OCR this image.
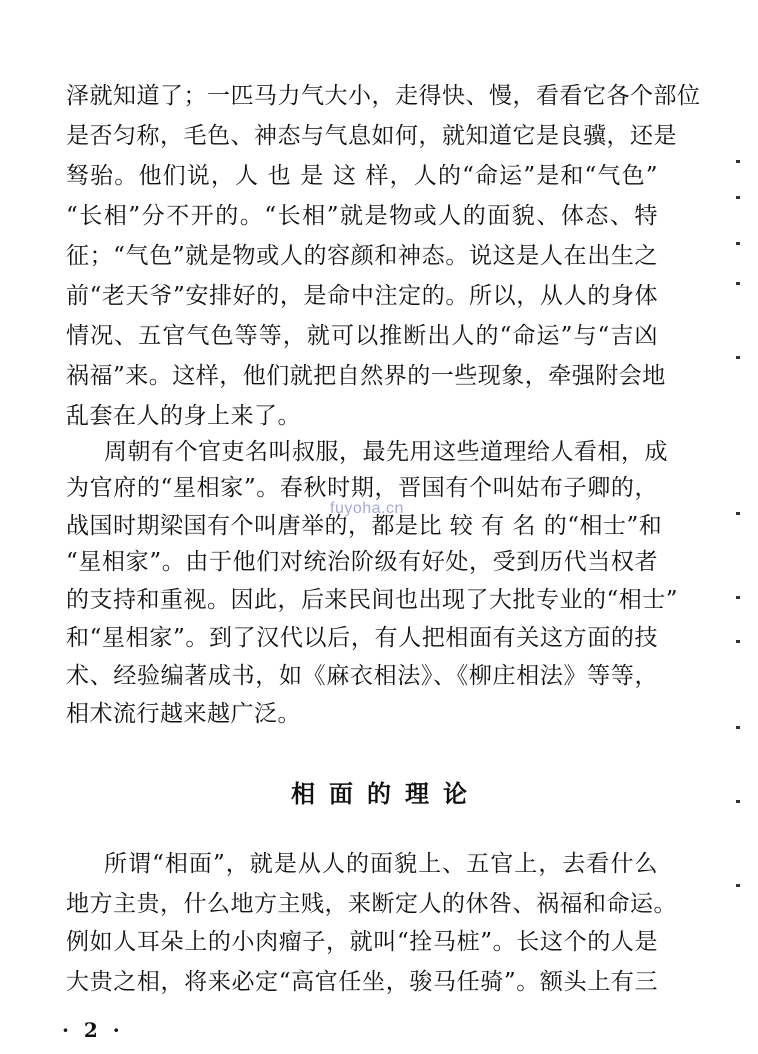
泽就知道了；一匹马力气大小，走得快、慢，看看它各个部位
是否匀称，毛色、神态与气息如何，就知道它是良骥，还是
驽骀。他们说，人 也 是 这 样，人的“命运”是和“气色”
“长相”分不开的。“长相”就是物或人的面貌、体态、特
征；“气色”就是物或人的容颜和神态。说这是人在出生之
前“老天爷”安排好的，是命中注定的。所以，从人的身体
情况、五官气色等等，就可以推断出人的“命运”与“吉凶
祸福”来。这样，他们就把自然界的一些现象，牵强附会地
乱套在人的身上来了。
周朝有个官吏名叫叔服，最先用这些道理给人看相，成
为官府的“星相家”。春秋时期，晋国有个叫姑布子卿的，
战国时期梁国有个叫唐举的，都是比 较 有 名 的“相士”和
“星相家”。由于他们对统治阶级有好处，受到历代当权者
的支持和重视。因此，后来民间也出现了大批专业的“相士”
和“星相家”。到了汉代以后，有人把相面有关这方面的技
术、经验编著成书，如《麻衣相法》、《柳庄相法》等等，
相术流行越来越广泛。
相面的理论
所谓“相面”，就是从人的面貌上、五官上，去看什么
地方主贵，什么地方主贱，来断定人的休咎、祸福和命运。
例如人耳朵上的小肉瘤子，就叫“拴马桩”。长这个的人是
大贵之相，将来必定“高官任坐，骏马任骑”。额头上有三
· 2 ·
fuyoha.cn
